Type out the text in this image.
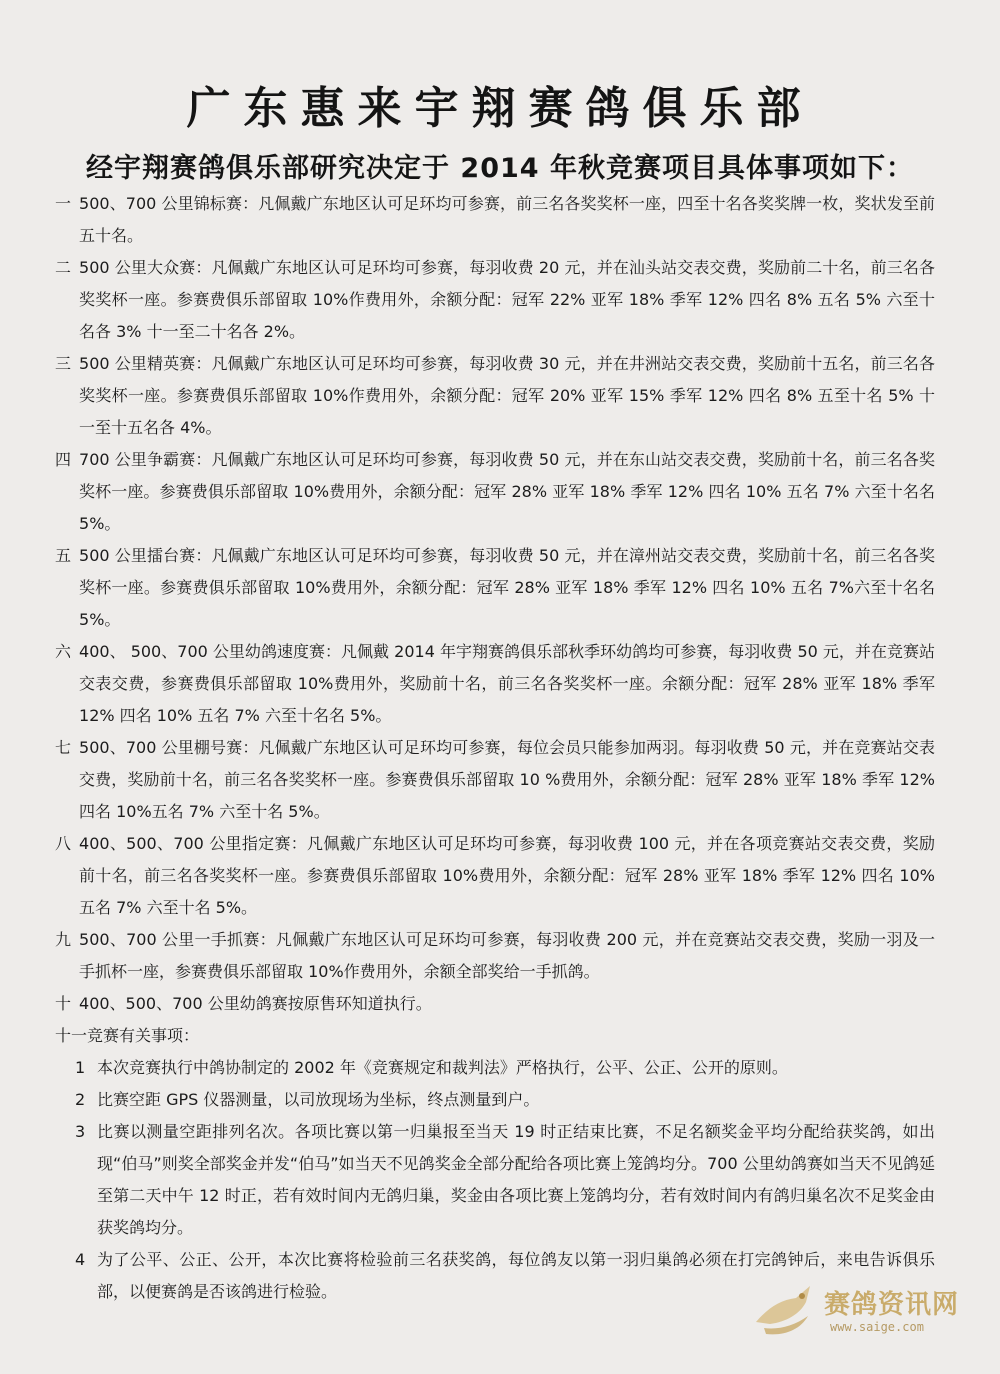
广东惠来宇翔赛鸽俱乐部
经宇翔赛鸽俱乐部研究决定于 2014 年秋竞赛项目具体事项如下：
一 500、700 公里锦标赛：凡佩戴广东地区认可足环均可参赛，前三名各奖奖杯一座，四至十名各奖奖牌一枚，奖状发至前五十名。
二 500 公里大众赛：凡佩戴广东地区认可足环均可参赛，每羽收费 20 元，并在汕头站交表交费，奖励前二十名，前三名各奖奖杯一座。参赛费俱乐部留取 10%作费用外，余额分配：冠军 22% 亚军 18% 季军 12% 四名 8% 五名 5% 六至十名各 3% 十一至二十名各 2%。
三 500 公里精英赛：凡佩戴广东地区认可足环均可参赛，每羽收费 30 元，并在井洲站交表交费，奖励前十五名，前三名各奖奖杯一座。参赛费俱乐部留取 10%作费用外，余额分配：冠军 20% 亚军 15% 季军 12% 四名 8% 五至十名 5% 十一至十五名各 4%。
四 700 公里争霸赛：凡佩戴广东地区认可足环均可参赛，每羽收费 50 元，并在东山站交表交费，奖励前十名，前三名各奖奖杯一座。参赛费俱乐部留取 10%费用外，余额分配：冠军 28% 亚军 18% 季军 12% 四名 10% 五名 7% 六至十名名 5%。
五 500 公里擂台赛：凡佩戴广东地区认可足环均可参赛，每羽收费 50 元，并在漳州站交表交费，奖励前十名，前三名各奖奖杯一座。参赛费俱乐部留取 10%费用外，余额分配：冠军 28% 亚军 18% 季军 12% 四名 10% 五名 7%六至十名名 5%。
六 400、 500、700 公里幼鸽速度赛：凡佩戴 2014 年宇翔赛鸽俱乐部秋季环幼鸽均可参赛，每羽收费 50 元，并在竞赛站交表交费，参赛费俱乐部留取 10%费用外，奖励前十名，前三名各奖奖杯一座。余额分配：冠军 28% 亚军 18% 季军 12% 四名 10% 五名 7% 六至十名名 5%。
七 500、700 公里棚号赛：凡佩戴广东地区认可足环均可参赛，每位会员只能参加两羽。每羽收费 50 元，并在竞赛站交表交费，奖励前十名，前三名各奖奖杯一座。参赛费俱乐部留取 10 %费用外，余额分配：冠军 28% 亚军 18% 季军 12% 四名 10%五名 7% 六至十名 5%。
八 400、500、700 公里指定赛：凡佩戴广东地区认可足环均可参赛，每羽收费 100 元，并在各项竞赛站交表交费，奖励前十名，前三名各奖奖杯一座。参赛费俱乐部留取 10%费用外，余额分配：冠军 28% 亚军 18% 季军 12% 四名 10%五名 7% 六至十名 5%。
九 500、700 公里一手抓赛：凡佩戴广东地区认可足环均可参赛，每羽收费 200 元，并在竞赛站交表交费，奖励一羽及一手抓杯一座，参赛费俱乐部留取 10%作费用外，余额全部奖给一手抓鸽。
十 400、500、700 公里幼鸽赛按原售环知道执行。
十一竞赛有关事项：
1 本次竞赛执行中鸽协制定的 2002 年《竞赛规定和裁判法》严格执行，公平、公正、公开的原则。
2 比赛空距 GPS 仪器测量，以司放现场为坐标，终点测量到户。
3 比赛以测量空距排列名次。各项比赛以第一归巢报至当天 19 时正结束比赛，不足名额奖金平均分配给获奖鸽，如出现“伯马”则奖全部奖金并发“伯马”如当天不见鸽奖金全部分配给各项比赛上笼鸽均分。700 公里幼鸽赛如当天不见鸽延至第二天中午 12 时正，若有效时间内无鸽归巢，奖金由各项比赛上笼鸽均分，若有效时间内有鸽归巢名次不足奖金由获奖鸽均分。
4 为了公平、公正、公开，本次比赛将检验前三名获奖鸽，每位鸽友以第一羽归巢鸽必须在打完鸽钟后，来电告诉俱乐部，以便赛鸽是否该鸽进行检验。	赛鸽资讯网
www.saige.com
